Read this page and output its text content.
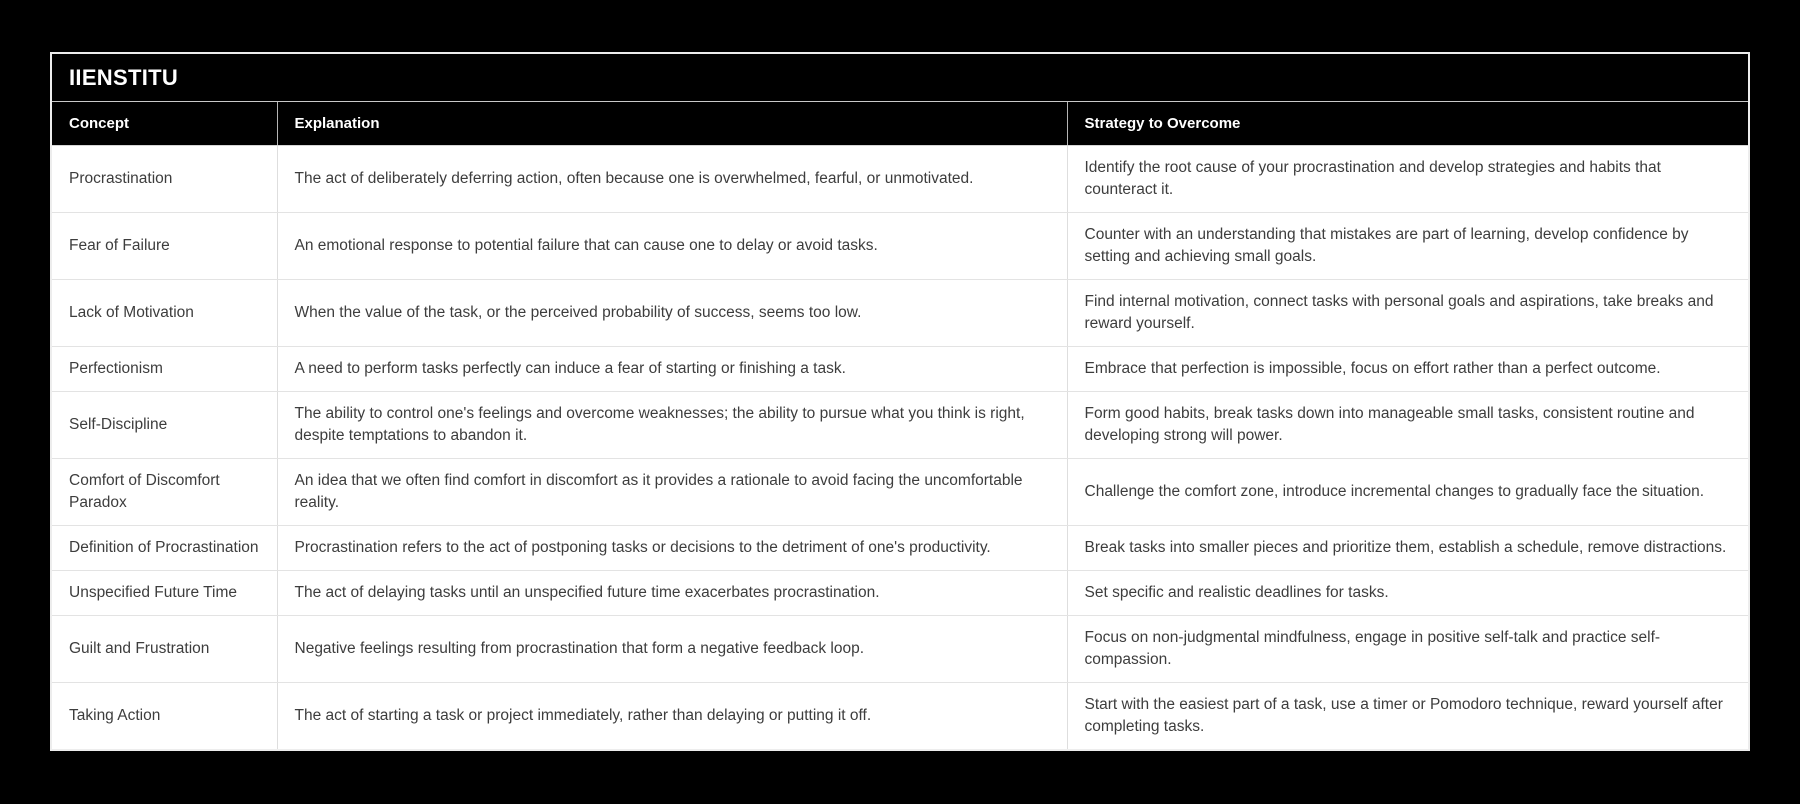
IIENSTITU
Concept	Explanation	Strategy to Overcome
Procrastination	The act of deliberately deferring action, often because one is overwhelmed, fearful, or unmotivated.	Identify the root cause of your procrastination and develop strategies and habits that counteract it.
Fear of Failure	An emotional response to potential failure that can cause one to delay or avoid tasks.	Counter with an understanding that mistakes are part of learning, develop confidence by setting and achieving small goals.
Lack of Motivation	When the value of the task, or the perceived probability of success, seems too low.	Find internal motivation, connect tasks with personal goals and aspirations, take breaks and reward yourself.
Perfectionism	A need to perform tasks perfectly can induce a fear of starting or finishing a task.	Embrace that perfection is impossible, focus on effort rather than a perfect outcome.
Self-Discipline	The ability to control one's feelings and overcome weaknesses; the ability to pursue what you think is right, despite temptations to abandon it.	Form good habits, break tasks down into manageable small tasks, consistent routine and developing strong will power.
Comfort of Discomfort Paradox	An idea that we often find comfort in discomfort as it provides a rationale to avoid facing the uncomfortable reality.	Challenge the comfort zone, introduce incremental changes to gradually face the situation.
Definition of Procrastination	Procrastination refers to the act of postponing tasks or decisions to the detriment of one's productivity.	Break tasks into smaller pieces and prioritize them, establish a schedule, remove distractions.
Unspecified Future Time	The act of delaying tasks until an unspecified future time exacerbates procrastination.	Set specific and realistic deadlines for tasks.
Guilt and Frustration	Negative feelings resulting from procrastination that form a negative feedback loop.	Focus on non-judgmental mindfulness, engage in positive self-talk and practice self-compassion.
Taking Action	The act of starting a task or project immediately, rather than delaying or putting it off.	Start with the easiest part of a task, use a timer or Pomodoro technique, reward yourself after completing tasks.
